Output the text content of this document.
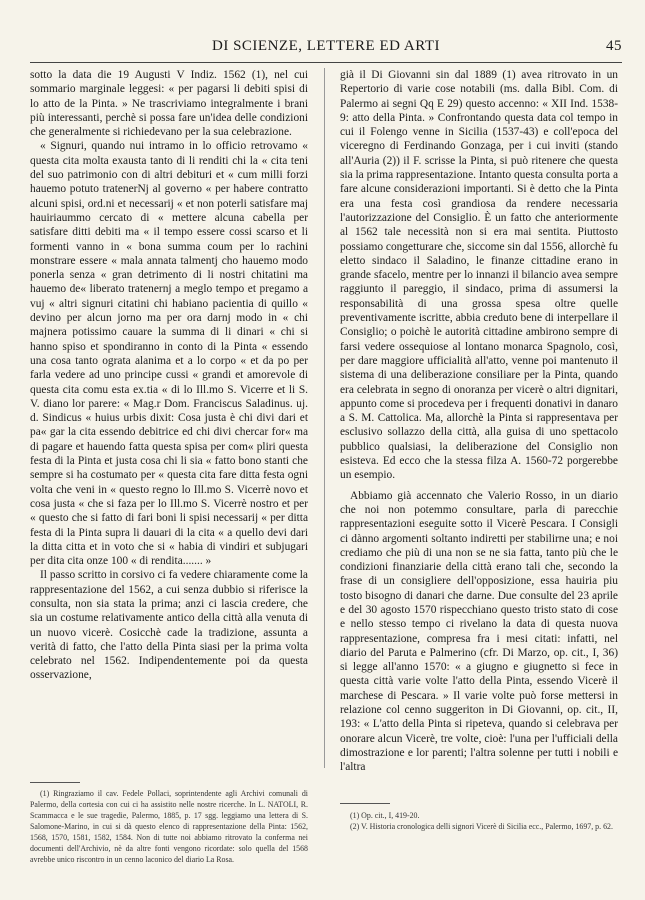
DI SCIENZE, LETTERE ED ARTI	45

sotto la data die 19 Augusti V Indiz. 1562 (1), nel cui sommario marginale leggesi: « per pagarsi li debiti spisi di lo atto de la Pinta. » Ne trascriviamo integralmente i brani più interessanti, perchè si possa fare un'idea delle condizioni che generalmente si richiedevano per la sua celebrazione.

« Signuri, quando nui intramo in lo officio retrovamo « questa cita molta exausta tanto di li renditi chi la « cita teni del suo patrimonio con di altri debituri et « cum milli forzi hauemo potuto tratenerNj al governo « per habere contratto alcuni spisi, ord.ni et necessarij « et non poterli satisfare maj hauiriaummo cercato di « mettere alcuna cabella per satisfare ditti debiti ma « il tempo essere cossi scarso et li formenti vanno in « bona summa coum per lo rachini monstrare essere « mala annata talmentj cho hauemo modo ponerla senza « gran detrimento di li nostri chitatini ma hauemo de« liberato tratenernj a meglo tempo et pregamo a vuj « altri signuri citatini chi habiano pacientia di quillo « devino per alcun jorno ma per ora darnj modo in « chi majnera potissimo cauare la summa di li dinari « chi si hanno spiso et spondiranno in conto di la Pinta « essendo una cosa tanto ograta alanima et a lo corpo « et da po per farla vedere ad uno principe cussi « grandi et amorevole di questa cita comu esta ex.tia « di lo Ill.mo S. Vicerre et li S. V. diano lor parere: « Mag.r Dom. Franciscus Saladinus. uj. d. Sindicus « huius urbis dixit: Cosa justa è chi divi dari et pa« gar la cita essendo debitrice ed chi divi chercar for« ma di pagare et hauendo fatta questa spisa per com« pliri questa festa di la Pinta et justa cosa chi li sia « fatto bono stanti che sempre si ha costumato per « questa cita fare ditta festa ogni volta che veni in « questo regno lo Ill.mo S. Vicerrè novo et cosa justa « che si faza per lo Ill.mo S. Vicerrè nostro et per « questo che si fatto di fari boni li spisi necessarij « per ditta festa di la Pinta supra li dauari di la cita « a quello devi dari la ditta citta et in voto che si « habia di vindiri et subjugari per dita cita onze 100 « di rendita....... »

Il passo scritto in corsivo ci fa vedere chiaramente come la rappresentazione del 1562, a cui senza dubbio si riferisce la consulta, non sia stata la prima; anzi ci lascia credere, che sia un costume relativamente antico della città alla venuta di un nuovo vicerè. Cosicchè cade la tradizione, assunta a verità di fatto, che l'atto della Pinta siasi per la prima volta celebrato nel 1562. Indipendentemente poi da questa osservazione,

già il Di Giovanni sin dal 1889 (1) avea ritrovato in un Repertorio di varie cose notabili (ms. dalla Bibl. Com. di Palermo ai segni Qq E 29) questo accenno: « XII Ind. 1538-9: atto della Pinta. » Confrontando questa data col tempo in cui il Folengo venne in Sicilia (1537-43) e coll'epoca del viceregno di Ferdinando Gonzaga, per i cui inviti (stando all'Auria (2)) il F. scrisse la Pinta, si può ritenere che questa sia la prima rappresentazione. Intanto questa consulta porta a fare alcune considerazioni importanti. Si è detto che la Pinta era una festa così grandiosa da rendere necessaria l'autorizzazione del Consiglio. È un fatto che anteriormente al 1562 tale necessità non si era mai sentita. Piuttosto possiamo congetturare che, siccome sin dal 1556, allorchè fu eletto sindaco il Saladino, le finanze cittadine erano in grande sfacelo, mentre per lo innanzi il bilancio avea sempre raggiunto il pareggio, il sindaco, prima di assumersi la responsabilità di una grossa spesa oltre quelle preventivamente iscritte, abbia creduto bene di interpellare il Consiglio; o poichè le autorità cittadine ambirono sempre di farsi vedere ossequiose al lontano monarca Spagnolo, così, per dare maggiore ufficialità all'atto, venne poi mantenuto il sistema di una deliberazione consiliare per la Pinta, quando era celebrata in segno di onoranza per vicerè o altri dignitari, appunto come si procedeva per i frequenti donativi in danaro a S. M. Cattolica. Ma, allorchè la Pinta si rappresentava per esclusivo sollazzo della città, alla guisa di uno spettacolo pubblico qualsiasi, la deliberazione del Consiglio non esisteva. Ed ecco che la stessa filza A. 1560-72 porgerebbe un esempio.

Abbiamo già accennato che Valerio Rosso, in un diario che noi non potemmo consultare, parla di parecchie rappresentazioni eseguite sotto il Vicerè Pescara. I Consigli ci dànno argomenti soltanto indiretti per stabilirne una; e noi crediamo che più di una non se ne sia fatta, tanto più che le condizioni finanziarie della città erano tali che, secondo la frase di un consigliere dell'opposizione, essa hauiria piu tosto bisogno di danari che darne. Due consulte del 23 aprile e del 30 agosto 1570 rispecchiano questo tristo stato di cose e nello stesso tempo ci rivelano la data di questa nuova rappresentazione, compresa fra i mesi citati: infatti, nel diario del Paruta e Palmerino (cfr. Di Marzo, op. cit., I, 36) si legge all'anno 1570: « a giugno e giugnetto si fece in questa città varie volte l'atto della Pinta, essendo Vicerè il marchese di Pescara. » Il varie volte può forse mettersi in relazione col cenno suggeriton in Di Giovanni, op. cit., II, 193: « L'atto della Pinta si ripeteva, quando si celebrava per onorare alcun Vicerè, tre volte, cioè: l'una per l'ufficiali della dimostrazione e lor parenti; l'altra solenne per tutti i nobili e l'altra

(1) Ringraziamo il cav. Fedele Pollaci, soprintendente agli Archivi comunali di Palermo, della cortesia con cui ci ha assistito nelle nostre ricerche. In L. NATOLI, R. Scammacca e le sue tragedie, Palermo, 1885, p. 17 sgg. leggiamo una lettera di S. Salomone-Marino, in cui si dà questo elenco di rappresentazione della Pinta: 1562, 1568, 1570, 1581, 1582, 1584. Non di tutte noi abbiamo ritrovato la conferma nei documenti dell'Archivio, nè da altre fonti vengono ricordate: solo quella del 1568 avrebbe unico riscontro in un cenno laconico del diario La Rosa.

(1) Op. cit., I, 419-20.

(2) V. Historia cronologica delli signori Vicerè di Sicilia ecc., Palermo, 1697, p. 62.
